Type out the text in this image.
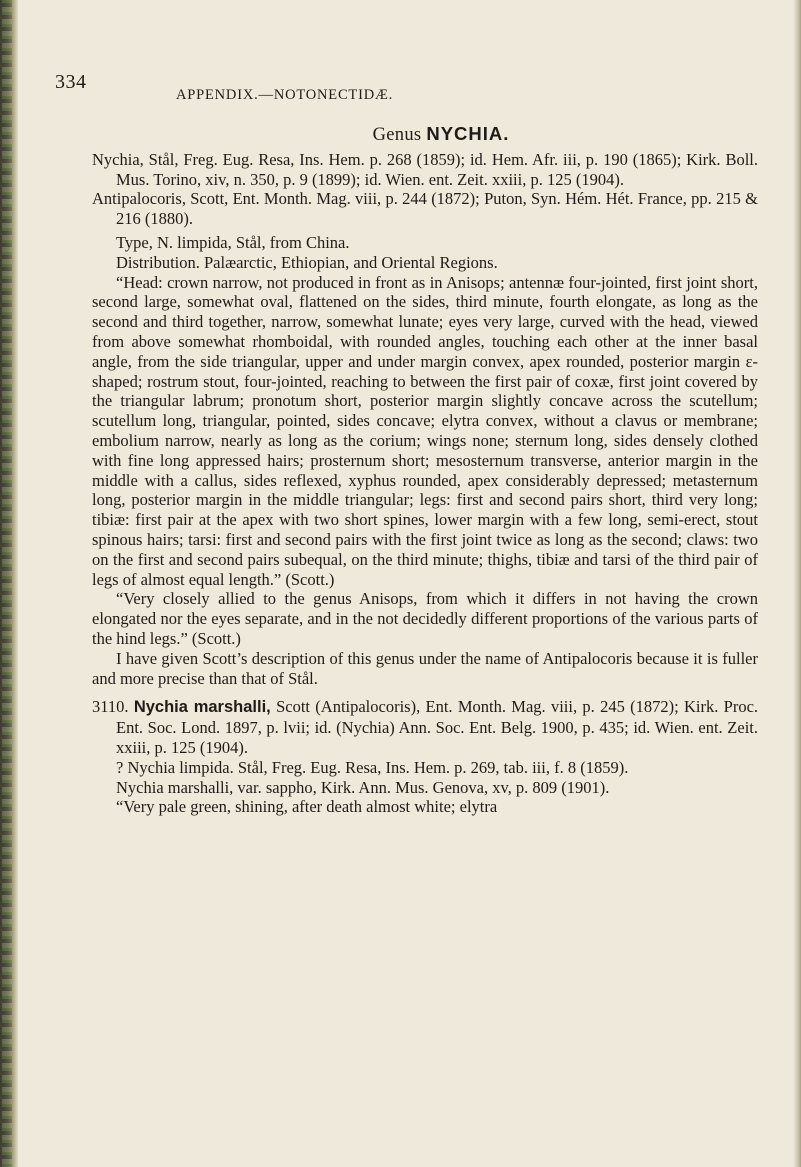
334
APPENDIX.—NOTONECTIDÆ.
Genus NYCHIA.

Nychia, Stål, Freg. Eug. Resa, Ins. Hem. p. 268 (1859); id. Hem. Afr. iii, p. 190 (1865); Kirk. Boll. Mus. Torino, xiv, n. 350, p. 9 (1899); id. Wien. ent. Zeit. xxiii, p. 125 (1904).

Antipalocoris, Scott, Ent. Month. Mag. viii, p. 244 (1872); Puton, Syn. Hém. Hét. France, pp. 215 & 216 (1880).

Type, N. limpida, Stål, from China.

Distribution. Palæarctic, Ethiopian, and Oriental Regions.

“Head: crown narrow, not produced in front as in Anisops; antennæ four-jointed, first joint short, second large, somewhat oval, flattened on the sides, third minute, fourth elongate, as long as the second and third together, narrow, somewhat lunate; eyes very large, curved with the head, viewed from above somewhat rhomboidal, with rounded angles, touching each other at the inner basal angle, from the side triangular, upper and under margin convex, apex rounded, posterior margin ɛ-shaped; rostrum stout, four-jointed, reaching to between the first pair of coxæ, first joint covered by the triangular labrum; pronotum short, posterior margin slightly concave across the scutellum; scutellum long, triangular, pointed, sides concave; elytra convex, without a clavus or membrane; embolium narrow, nearly as long as the corium; wings none; sternum long, sides densely clothed with fine long appressed hairs; prosternum short; mesosternum transverse, anterior margin in the middle with a callus, sides reflexed, xyphus rounded, apex considerably depressed; metasternum long, posterior margin in the middle triangular; legs: first and second pairs short, third very long; tibiæ: first pair at the apex with two short spines, lower margin with a few long, semi-erect, stout spinous hairs; tarsi: first and second pairs with the first joint twice as long as the second; claws: two on the first and second pairs subequal, on the third minute; thighs, tibiæ and tarsi of the third pair of legs of almost equal length.” (Scott.)

“Very closely allied to the genus Anisops, from which it differs in not having the crown elongated nor the eyes separate, and in the not decidedly different proportions of the various parts of the hind legs.” (Scott.)

I have given Scott’s description of this genus under the name of Antipalocoris because it is fuller and more precise than that of Stål.

3110. Nychia marshalli, Scott (Antipalocoris), Ent. Month. Mag. viii, p. 245 (1872); Kirk. Proc. Ent. Soc. Lond. 1897, p. lvii; id. (Nychia) Ann. Soc. Ent. Belg. 1900, p. 435; id. Wien. ent. Zeit. xxiii, p. 125 (1904).

? Nychia limpida. Stål, Freg. Eug. Resa, Ins. Hem. p. 269, tab. iii, f. 8 (1859).

Nychia marshalli, var. sappho, Kirk. Ann. Mus. Genova, xv, p. 809 (1901).

“Very pale green, shining, after death almost white; elytra
